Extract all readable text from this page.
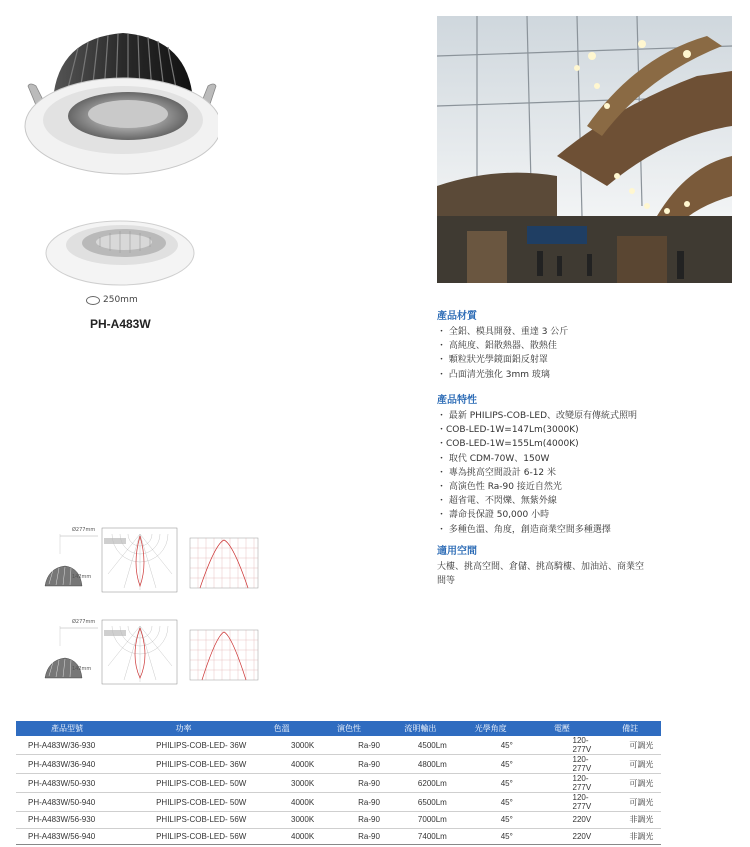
250mm
PH-A483W
產品材質
・ 全鋁、模具開發、重達 3 公斤
・ 高純度、鋁散熱器、散熱佳
・ 顆粒狀光學鏡面鋁反射罩
・ 凸面清光強化 3mm 玻璃
產品特性
・ 最新 PHILIPS-COB-LED、改變原有傳統式照明
・COB-LED-1W=147Lm(3000K)
・COB-LED-1W=155Lm(4000K)
・ 取代 CDM-70W、150W
・ 專為挑高空間設計 6-12 米
・ 高演色性 Ra-90 接近自然光
・ 超省電、不閃爍、無紫外線
・ 壽命長保證 50,000 小時
・ 多種色溫、角度，創造商業空間多種選擇
適用空間
大樓、挑高空間、倉儲、挑高騎樓、加油站、商業空間等
Ø277mm
142mm
Ø277mm
142mm
產品型號	功率	色溫	演色性	流明輸出	光學角度	電壓	備註
PH-A483W/36-930	PHILIPS-COB-LED- 36W	3000K	Ra-90	4500Lm	45°	120-277V	可調光
PH-A483W/36-940	PHILIPS-COB-LED- 36W	4000K	Ra-90	4800Lm	45°	120-277V	可調光
PH-A483W/50-930	PHILIPS-COB-LED- 50W	3000K	Ra-90	6200Lm	45°	120-277V	可調光
PH-A483W/50-940	PHILIPS-COB-LED- 50W	4000K	Ra-90	6500Lm	45°	120-277V	可調光
PH-A483W/56-930	PHILIPS-COB-LED- 56W	3000K	Ra-90	7000Lm	45°	220V	非調光
PH-A483W/56-940	PHILIPS-COB-LED- 56W	4000K	Ra-90	7400Lm	45°	220V	非調光
